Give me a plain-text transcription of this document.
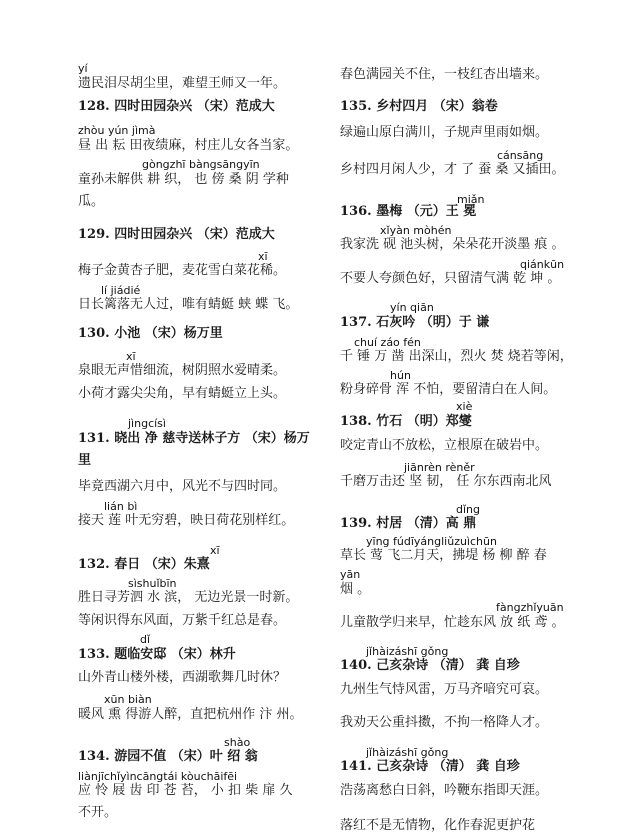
yí
遗民泪尽胡尘里，难望王师又一年。
128. 四时田园杂兴 （宋）范成大
zhòu yún jìmà
昼 出 耘 田夜绩麻，村庄儿女各当家。
gòngzhī bàngsāngyīn
童孙未解供 耕 织， 也 傍 桑 阴 学种
瓜。
129. 四时田园杂兴 （宋）范成大
xī
梅子金黄杏子肥，麦花雪白菜花稀。
lí jiádié
日长篱落无人过，唯有蜻蜓 蛱 蝶 飞。
130. 小池 （宋）杨万里
xī
泉眼无声惜细流，树阴照水爱晴柔。
小荷才露尖尖角，早有蜻蜓立上头。
jìngcísì
131. 晓出 净 慈寺送林子方 （宋）杨万
里
毕竟西湖六月中，风光不与四时同。
lián bì
接天 莲 叶无穷碧，映日荷花别样红。
xī
132. 春日 （宋）朱熹
sìshuǐbīn
胜日寻芳泗 水 滨， 无边光景一时新。
等闲识得东风面，万紫千红总是春。
dǐ
133. 题临安邸 （宋）林升
山外青山楼外楼，西湖歌舞几时休？
xūn biàn
暖风 熏 得游人醉，直把杭州作 汴 州。
shào
134. 游园不值 （宋）叶 绍 翁
liànjīchǐyìncāngtái kòuchāifēi
应 怜 屐 齿 印 苍 苔， 小 扣 柴 扉 久
不开。
春色满园关不住，一枝红杏出墙来。
135. 乡村四月 （宋）翁卷
绿遍山原白满川，子规声里雨如烟。
cánsāng
乡村四月闲人少，才 了 蚕 桑 又插田。
miǎn
136. 墨梅 （元）王 冕
xǐyàn mòhén
我家洗 砚 池头树，朵朵花开淡墨 痕 。
qiánkūn
不要人夸颜色好，只留清气满 乾 坤 。
yín qiān
137. 石灰吟 （明）于 谦
chuí záo fén
千 锤 万 凿 出深山，烈火 焚 烧若等闲，
hún
粉身碎骨 浑 不怕，要留清白在人间。
xiè
138. 竹石 （明）郑燮
咬定青山不放松，立根原在破岩中。
jiānrèn rèněr
千磨万击还 坚 韧， 任 尔东西南北风
dǐng
139. 村居 （清）高 鼎
yīng fúdīyángliǔzuìchūn
草长 莺 飞二月天，拂堤 杨 柳 醉 春
yān
烟 。
fàngzhǐyuān
儿童散学归来早，忙趁东风 放 纸 鸢 。
jǐhàizáshī gǒng
140. 己亥杂诗 （清） 龚 自珍
九州生气恃风雷，万马齐喑究可哀。
我劝天公重抖擞，不拘一格降人才。
jǐhàizáshī gǒng
141. 己亥杂诗 （清） 龚 自珍
浩荡离愁白日斜，吟鞭东指即天涯。
落红不是无情物，化作春泥更护花
